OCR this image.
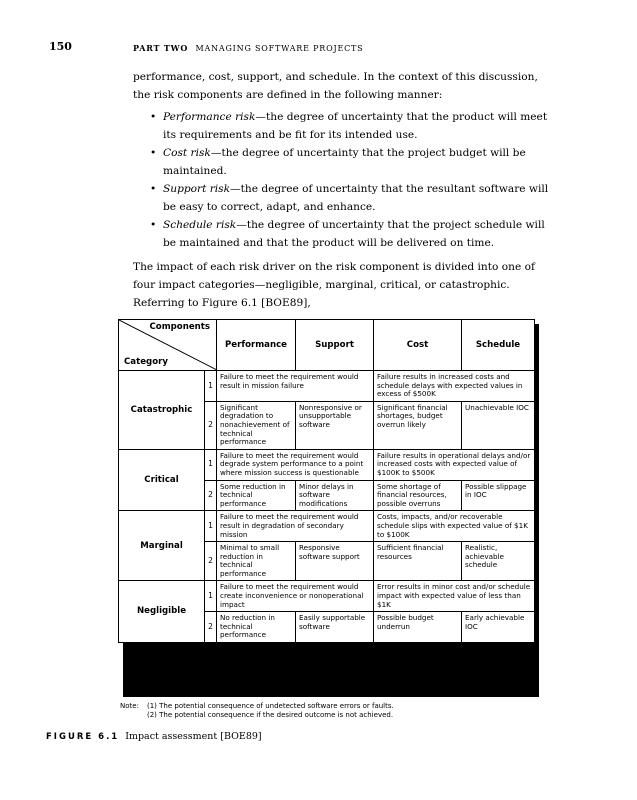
150	PART TWO MANAGING SOFTWARE PROJECTS

performance, cost, support, and schedule. In the context of this discussion, the risk components are defined in the following manner:

• Performance risk—the degree of uncertainty that the product will meet its requirements and be fit for its intended use.
• Cost risk—the degree of uncertainty that the project budget will be maintained.
• Support risk—the degree of uncertainty that the resultant software will be easy to correct, adapt, and enhance.
• Schedule risk—the degree of uncertainty that the project schedule will be maintained and that the product will be delivered on time.

The impact of each risk driver on the risk component is divided into one of four impact categories—negligible, marginal, critical, or catastrophic. Referring to Figure 6.1 [BOE89],

Components
Category		Performance	Support	Cost	Schedule
Catastrophic	1	Failure to meet the requirement would result in mission failure		Failure results in increased costs and schedule delays with expected values in excess of $500K	
	2	Significant degradation to nonachievement of technical performance	Nonresponsive or unsupportable software	Significant financial shortages, budget overrun likely	Unachievable IOC
Critical	1	Failure to meet the requirement would degrade system performance to a point where mission success is questionable		Failure results in operational delays and/or increased costs with expected value of $100K to $500K	
	2	Some reduction in technical performance	Minor delays in software modifications	Some shortage of financial resources, possible overruns	Possible slippage in IOC
Marginal	1	Failure to meet the requirement would result in degradation of secondary mission		Costs, impacts, and/or recoverable schedule slips with expected value of $1K to $100K	
	2	Minimal to small reduction in technical performance	Responsive software support	Sufficient financial resources	Realistic, achievable schedule
Negligible	1	Failure to meet the requirement would create inconvenience or nonoperational impact		Error results in minor cost and/or schedule impact with expected value of less than $1K	
	2	No reduction in technical performance	Easily supportable software	Possible budget underrun	Early achievable IOC
Note: (1) The potential consequence of undetected software errors or faults.
(2) The potential consequence if the desired outcome is not achieved.
FIGURE 6.1 Impact assessment [BOE89]
